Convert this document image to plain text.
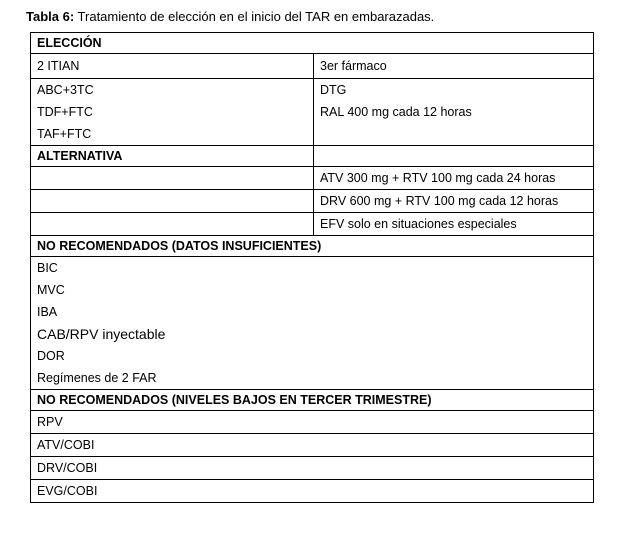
Tabla 6: Tratamiento de elección en el inicio del TAR en embarazadas.
ELECCIÓN	
2 ITIAN	3er fármaco
ABC+3TC	DTG
TDF+FTC	RAL 400 mg cada 12 horas
TAF+FTC	
ALTERNATIVA	
	ATV 300 mg + RTV 100 mg cada 24 horas
	DRV 600 mg + RTV 100 mg cada 12 horas
	EFV solo en situaciones especiales
NO RECOMENDADOS (DATOS INSUFICIENTES)	
BIC	
MVC	
IBA	
CAB/RPV inyectable	
DOR	
Regímenes de 2 FAR	
NO RECOMENDADOS (NIVELES BAJOS EN TERCER TRIMESTRE)	
RPV	
ATV/COBI	
DRV/COBI	
EVG/COBI	
